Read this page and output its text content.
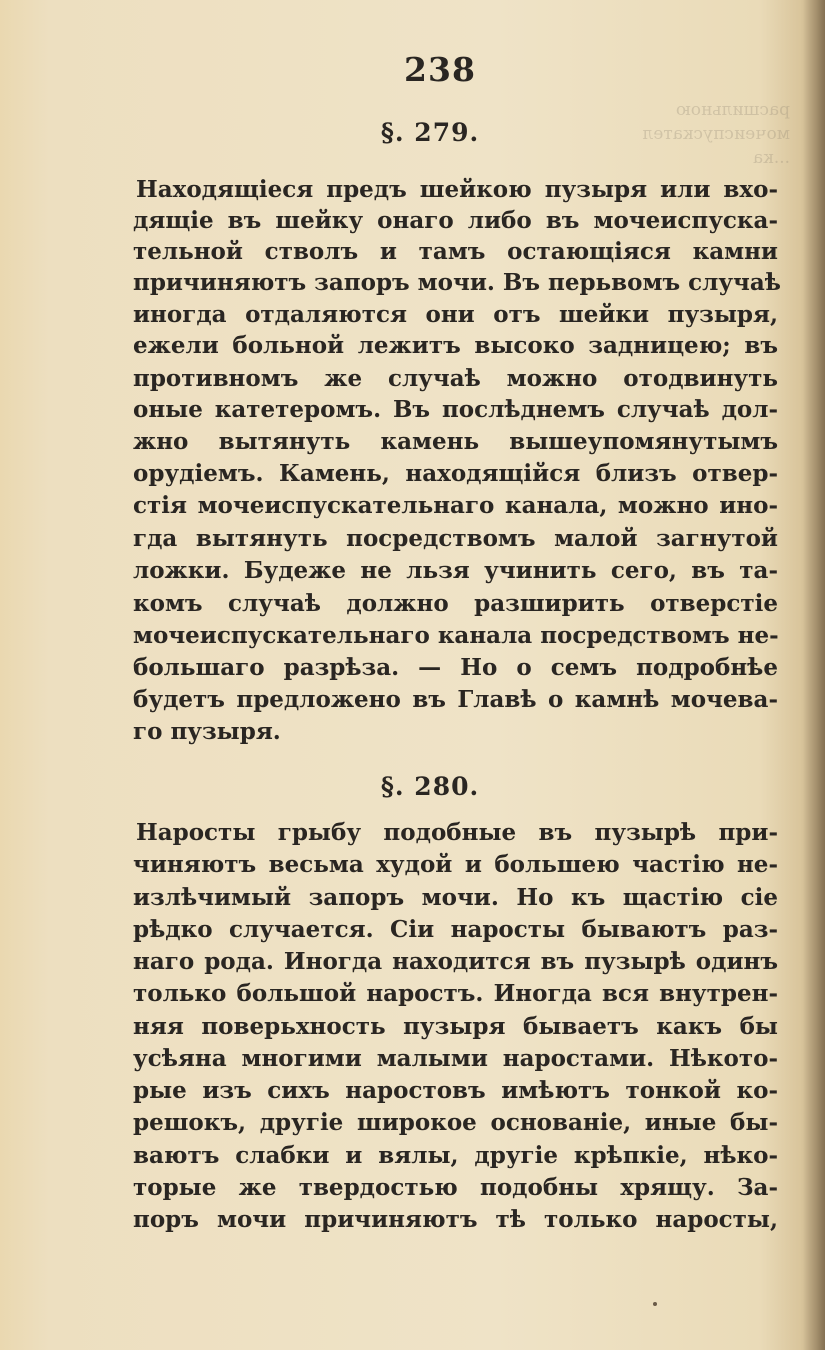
расшильною
мочеиспускател
...ка
238
§. 279.
Находящіеся предъ шейкою пузыря или вхо-
дящіе въ шейку онаго либо въ мочеиспуска-
тельной стволъ и тамъ остающіяся камни
причиняютъ запоръ мочи. Въ перьвомъ случаѣ
иногда отдаляются они отъ шейки пузыря,
ежели больной лежитъ высоко задницею; въ
противномъ же случаѣ можно отодвинуть
оные катетеромъ. Въ послѣднемъ случаѣ дол-
жно вытянуть камень вышеупомянутымъ
орудіемъ. Камень, находящійся близъ отвер-
стія мочеиспускательнаго канала, можно ино-
гда вытянуть посредствомъ малой загнутой
ложки. Будеже не льзя учинить сего, въ та-
комъ случаѣ должно разширить отверстіе
мочеиспускательнаго канала посредствомъ не-
большаго разрѣза. — Но о семъ подробнѣе
будетъ предложено въ Главѣ о камнѣ мочева-
го пузыря.
§. 280.
Наросты грыбу подобные въ пузырѣ при-
чиняютъ весьма худой и большею частію не-
излѣчимый запоръ мочи. Но къ щастію сіе
рѣдко случается. Сіи наросты бываютъ раз-
наго рода. Иногда находится въ пузырѣ одинъ
только большой наростъ. Иногда вся внутрен-
няя поверьхность пузыря бываетъ какъ бы
усѣяна многими малыми наростами. Нѣкото-
рые изъ сихъ наростовъ имѣютъ тонкой ко-
решокъ, другіе широкое основаніе, иные бы-
ваютъ слабки и вялы, другіе крѣпкіе, нѣко-
торые же твердостью подобны хрящу. За-
поръ мочи причиняютъ тѣ только наросты,
